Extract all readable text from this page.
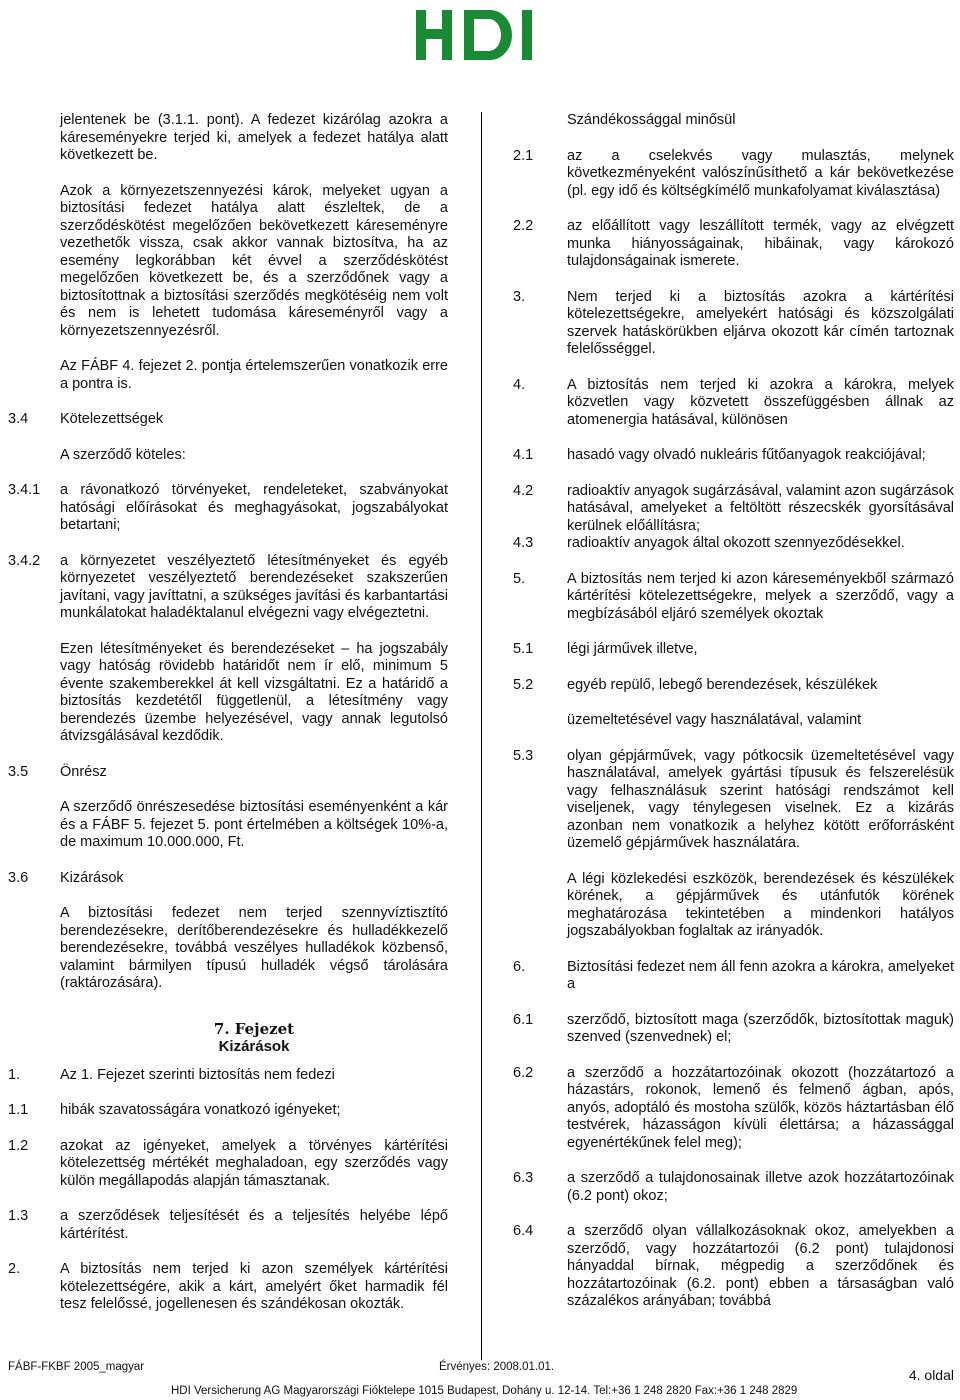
jelentenek be (3.1.1. pont). A fedezet kizárólag azokra a káreseményekre terjed ki, amelyek a fedezet hatálya alatt következett be.
Azok a környezetszennyezési károk, melyeket ugyan a biztosítási fedezet hatálya alatt észleltek, de a szerződéskötést megelőzően bekövetkezett káreseményre vezethetők vissza, csak akkor vannak biztosítva, ha az esemény legkorábban két évvel a szerződéskötést megelőzően következett be, és a szerződőnek vagy a biztosítottnak a biztosítási szerződés megkötéséig nem volt és nem is lehetett tudomása káreseményről vagy a környezetszennyezésről.
Az FÁBF 4. fejezet 2. pontja értelemszerűen vonatkozik erre a pontra is.
3.4 Kötelezettségek
A szerződő köteles:
3.4.1 a rávonatkozó törvényeket, rendeleteket, szabványokat hatósági előírásokat és meghagyásokat, jogszabályokat betartani;
3.4.2 a környezetet veszélyeztető létesítményeket és egyéb környezetet veszélyeztető berendezéseket szakszerűen javítani, vagy javíttatni, a szükséges javítási és karbantartási munkálatokat haladéktalanul elvégezni vagy elvégeztetni.
Ezen létesítményeket és berendezéseket – ha jogszabály vagy hatóság rövidebb határidőt nem ír elő, minimum 5 évente szakemberekkel át kell vizsgáltatni. Ez a határidő a biztosítás kezdetétől függetlenül, a létesítmény vagy berendezés üzembe helyezésével, vagy annak legutolsó átvizsgálásával kezdődik.
3.5 Önrész
A szerződő önrészesedése biztosítási eseményenként a kár és a FÁBF 5. fejezet 5. pont értelmében a költségek 10%-a, de maximum 10.000.000, Ft.
3.6 Kizárások
A biztosítási fedezet nem terjed szennyvíztisztító berendezésekre, derítőberendezésekre és hulladékkezelő berendezésekre, továbbá veszélyes hulladékok közbenső, valamint bármilyen típusú hulladék végső tárolására (raktározására).
7. Fejezet
Kizárások
1.	Az 1. Fejezet szerinti biztosítás nem fedezi
1.1 hibák szavatosságára vonatkozó igényeket;
1.2 azokat az igényeket, amelyek a törvényes kártérítési kötelezettség mértékét meghaladoan, egy szerződés vagy külön megállapodás alapján támasztanak.
1.3 a szerződések teljesítését és a teljesítés helyébe lépő kártérítést.
2.	A biztosítás nem terjed ki azon személyek kártérítési kötelezettségére, akik a kárt, amelyért őket harmadik fél tesz felelőssé, jogellenesen és szándékosan okozták.
Szándékossággal minősül
2.1 az a cselekvés vagy mulasztás, melynek következményeként valószínűsíthető a kár bekövetkezése (pl. egy idő és költségkímélő munkafolyamat kiválasztása)
2.2 az előállított vagy leszállított termék, vagy az elvégzett munka hiányosságainak, hibáinak, vagy károkozó tulajdonságainak ismerete.
3.	Nem terjed ki a biztosítás azokra a kártérítési kötelezettségekre, amelyekért hatósági és közszolgálati szervek hatáskörükben eljárva okozott kár címén tartoznak felelősséggel.
4.	A biztosítás nem terjed ki azokra a károkra, melyek közvetlen vagy közvetett összefüggésben állnak az atomenergia hatásával, különösen
4.1 hasadó vagy olvadó nukleáris fűtőanyagok reakciójával;
4.2 radioaktív anyagok sugárzásával, valamint azon sugárzások hatásával, amelyeket a feltöltött részecskék gyorsításával kerülnek előállításra;
4.3 radioaktív anyagok által okozott szennyeződésekkel.
5.	A biztosítás nem terjed ki azon káreseményekből származó kártérítési kötelezettségekre, melyek a szerződő, vagy a megbízásából eljáró személyek okoztak
5.1 légi járművek illetve,
5.2 egyéb repülő, lebegő berendezések, készülékek
üzemeltetésével vagy használatával, valamint
5.3 olyan gépjárművek, vagy pótkocsik üzemeltetésével vagy használatával, amelyek gyártási típusuk és felszerelésük vagy felhasználásuk szerint hatósági rendszámot kell viseljenek, vagy ténylegesen viselnek. Ez a kizárás azonban nem vonatkozik a helyhez kötött erőforrásként üzemelő gépjárművek használatára.
A légi közlekedési eszközök, berendezések és készülékek körének, a gépjárművek és utánfutók körének meghatározása tekintetében a mindenkori hatályos jogszabályokban foglaltak az irányadók.
6.	Biztosítási fedezet nem áll fenn azokra a károkra, amelyeket a
6.1 szerződő, biztosított maga (szerződők, biztosítottak maguk) szenved (szenvednek) el;
6.2 a szerződő a hozzátartozóinak okozott (hozzátartozó a házastárs, rokonok, lemenő és felmenő ágban, após, anyós, adoptáló és mostoha szülők, közös háztartásban élő testvérek, házasságon kívüli élettársa; a házassággal egyenértékűnek felel meg);
6.3 a szerződő a tulajdonosainak illetve azok hozzátartozóinak (6.2 pont) okoz;
6.4 a szerződő olyan vállalkozásoknak okoz, amelyekben a szerződő, vagy hozzátartozói (6.2 pont) tulajdonosi hányaddal bírnak, mégpedig a szerződőnek és hozzátartozóinak (6.2. pont) ebben a társaságban való százalékos arányában; továbbá
FÁBF-FKBF 2005_magyar	Érvényes: 2008.01.01.	4. oldal
HDI Versicherung AG Magyarországi Fióktelepe 1015 Budapest, Dohány u. 12-14. Tel:+36 1 248 2820 Fax:+36 1 248 2829
